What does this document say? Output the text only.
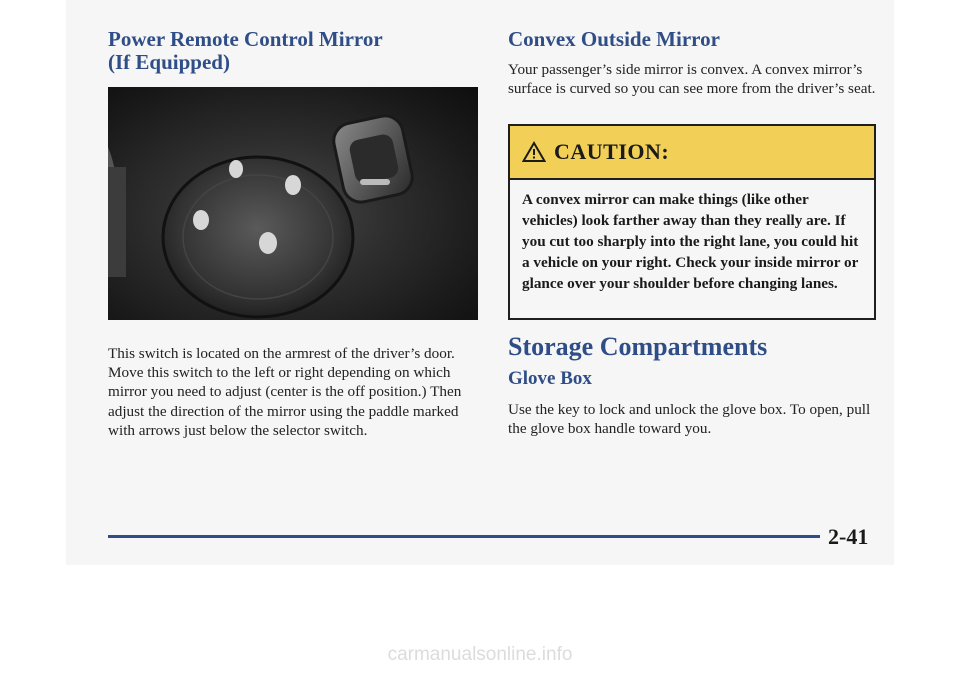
Power Remote Control Mirror
(If Equipped)

This switch is located on the armrest of the driver’s door. Move this switch to the left or right depending on which mirror you need to adjust (center is the off position.) Then adjust the direction of the mirror using the paddle marked with arrows just below the selector switch.

Convex Outside Mirror

Your passenger’s side mirror is convex. A convex mirror’s surface is curved so you can see more from the driver’s seat.

CAUTION:
A convex mirror can make things (like other vehicles) look farther away than they really are. If you cut too sharply into the right lane, you could hit a vehicle on your right. Check your inside mirror or glance over your shoulder before changing lanes.
Storage Compartments
Glove Box

Use the key to lock and unlock the glove box. To open, pull the glove box handle toward you.

2-41
carmanualsonline.info
